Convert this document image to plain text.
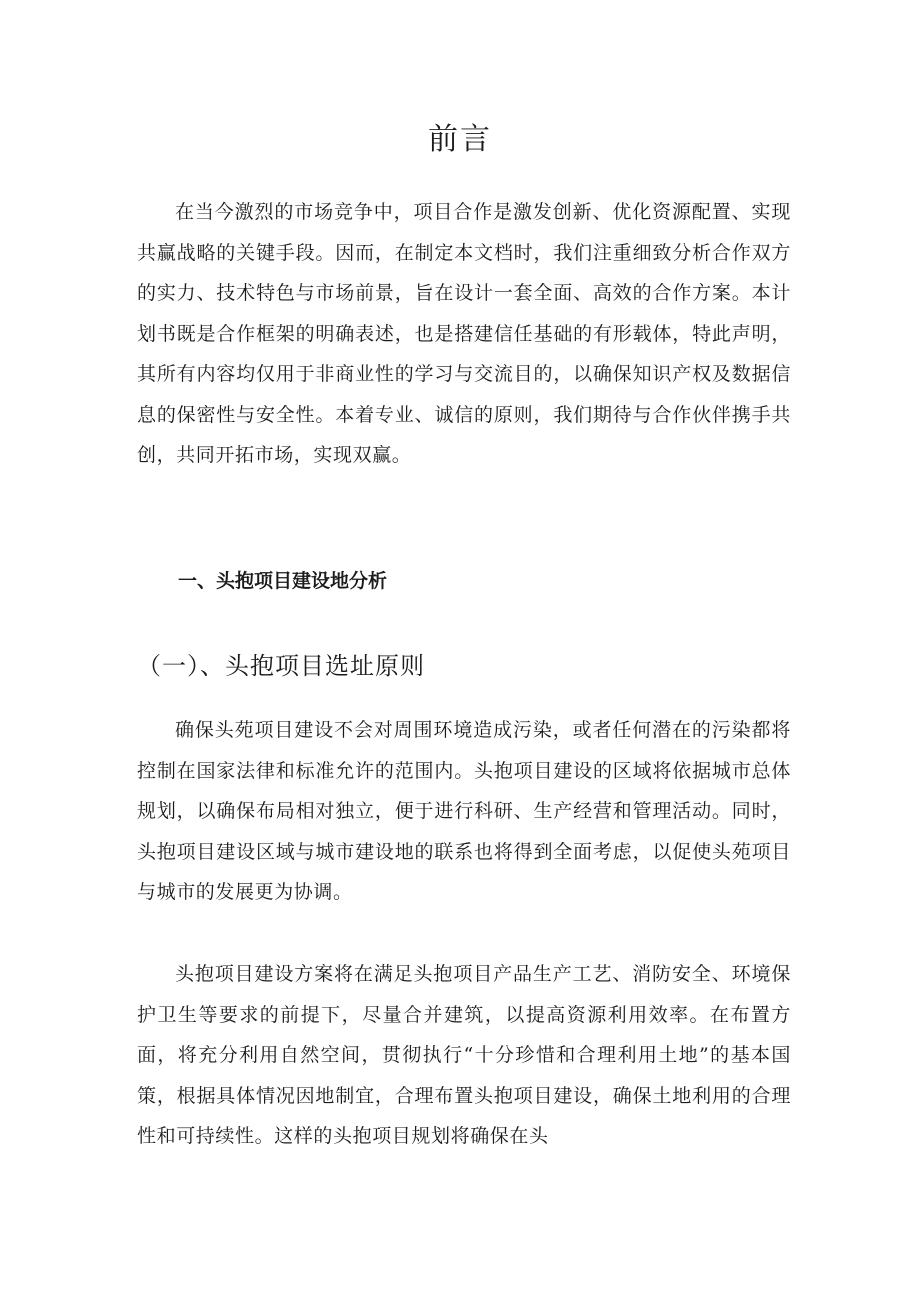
前言

在当今激烈的市场竞争中，项目合作是激发创新、优化资源配置、实现共赢战略的关键手段。因而，在制定本文档时，我们注重细致分析合作双方的实力、技术特色与市场前景，旨在设计一套全面、高效的合作方案。本计划书既是合作框架的明确表述，也是搭建信任基础的有形载体，特此声明，其所有内容均仅用于非商业性的学习与交流目的，以确保知识产权及数据信息的保密性与安全性。本着专业、诚信的原则，我们期待与合作伙伴携手共创，共同开拓市场，实现双赢。

一、头抱项目建设地分析
（一）、头抱项目选址原则

确保头苑项目建设不会对周围环境造成污染，或者任何潜在的污染都将控制在国家法律和标准允许的范围内。头抱项目建设的区域将依据城市总体规划，以确保布局相对独立，便于进行科研、生产经营和管理活动。同时，头抱项目建设区域与城市建设地的联系也将得到全面考虑，以促使头苑项目与城市的发展更为协调。

头抱项目建设方案将在满足头抱项目产品生产工艺、消防安全、环境保护卫生等要求的前提下，尽量合并建筑，以提高资源利用效率。在布置方面，将充分利用自然空间，贯彻执行“十分珍惜和合理利用土地”的基本国策，根据具体情况因地制宜，合理布置头抱项目建设，确保土地利用的合理性和可持续性。这样的头抱项目规划将确保在头
